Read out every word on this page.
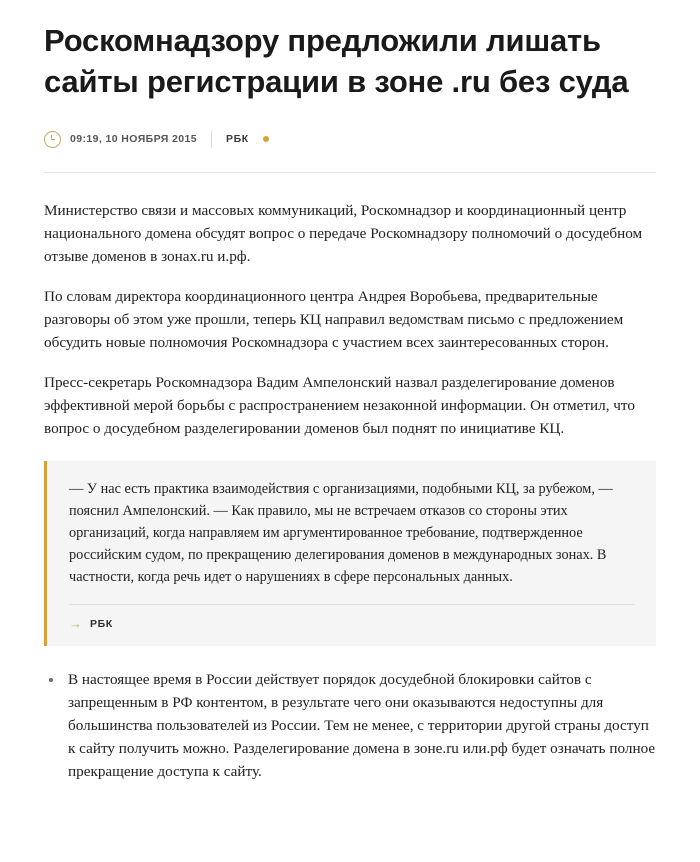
Роскомнадзору предложили лишать сайты регистрации в зоне .ru без суда
09:19, 10 НОЯБРЯ 2015	РБК

Министерство связи и массовых коммуникаций, Роскомнадзор и координационный центр национального домена обсудят вопрос о передаче Роскомнадзору полномочий о досудебном отзыве доменов в зонах.ru и.рф.

По словам директора координационного центра Андрея Воробьева, предварительные разговоры об этом уже прошли, теперь КЦ направил ведомствам письмо с предложением обсудить новые полномочия Роскомнадзора с участием всех заинтересованных сторон.

Пресс-секретарь Роскомнадзора Вадим Ампелонский назвал разделегирование доменов эффективной мерой борьбы с распространением незаконной информации. Он отметил, что вопрос о досудебном разделегировании доменов был поднят по инициативе КЦ.

— У нас есть практика взаимодействия с организациями, подобными КЦ, за рубежом, — пояснил Ампелонский. — Как правило, мы не встречаем отказов со стороны этих организаций, когда направляем им аргументированное требование, подтвержденное российским судом, по прекращению делегирования доменов в международных зонах. В частности, когда речь идет о нарушениях в сфере персональных данных.

→ РБК
В настоящее время в России действует порядок досудебной блокировки сайтов с запрещенным в РФ контентом, в результате чего они оказываются недоступны для большинства пользователей из России. Тем не менее, с территории другой страны доступ к сайту получить можно. Разделегирование домена в зоне.ru или.рф будет означать полное прекращение доступа к сайту.
